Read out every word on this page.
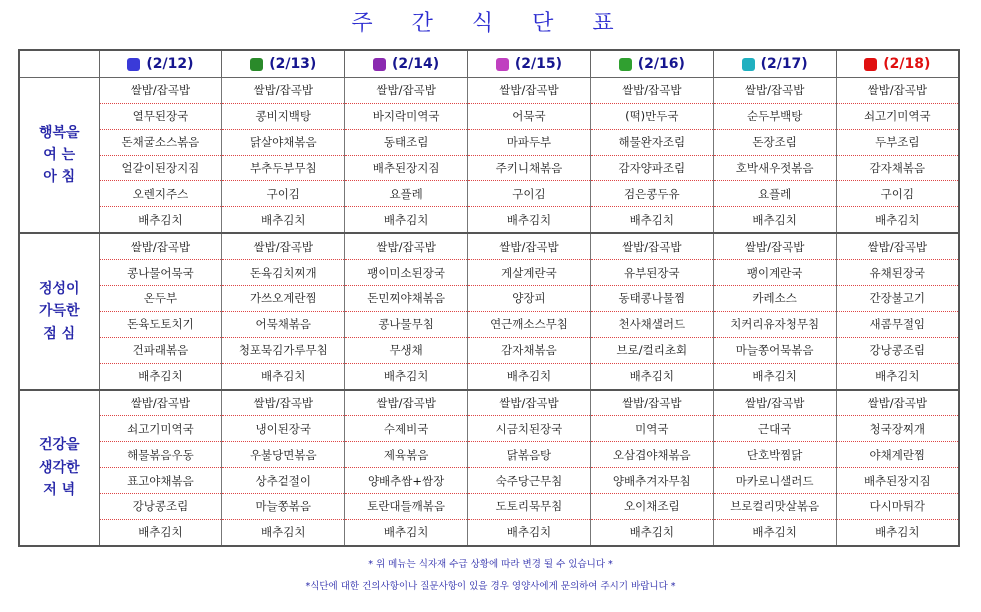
주 간 식 단 표

	(2/12)	(2/13)	(2/14)	(2/15)	(2/16)	(2/17)	(2/18)

행복을
여 는
아 침	쌀밥/잡곡밥	쌀밥/잡곡밥	쌀밥/잡곡밥	쌀밥/잡곡밥	쌀밥/잡곡밥	쌀밥/잡곡밥	쌀밥/잡곡밥
	열무된장국	콩비지백탕	바지락미역국	어묵국	(떡)만두국	순두부백탕	쇠고기미역국
	돈채굴소스볶음	닭살야채볶음	동태조림	마파두부	해물완자조림	돈장조림	두부조림
	얼갈이된장지짐	부추두부무침	배추된장지짐	주키니채볶음	감자양파조림	호박새우젓볶음	감자채볶음
	오렌지주스	구이김	요플레	구이김	검은콩두유	요플레	구이김
	배추김치	배추김치	배추김치	배추김치	배추김치	배추김치	배추김치

정성이
가득한
점 심	쌀밥/잡곡밥	쌀밥/잡곡밥	쌀밥/잡곡밥	쌀밥/잡곡밥	쌀밥/잡곡밥	쌀밥/잡곡밥	쌀밥/잡곡밥
	콩나물어묵국	돈육김치찌개	팽이미소된장국	게살계란국	유부된장국	팽이계란국	유채된장국
	온두부	가쓰오계란찜	돈민찌야채볶음	양장피	동태콩나물찜	카레소스	간장불고기
	돈육도토치기	어묵채볶음	콩나물무침	연근깨소스무침	천사채샐러드	치커리유자청무침	새콤무절임
	건파래볶음	청포묵김가루무침	무생채	감자채볶음	브로/컬리초회	마늘쫑어묵볶음	강낭콩조림
	배추김치	배추김치	배추김치	배추김치	배추김치	배추김치	배추김치

건강을
생각한
저 녁	쌀밥/잡곡밥	쌀밥/잡곡밥	쌀밥/잡곡밥	쌀밥/잡곡밥	쌀밥/잡곡밥	쌀밥/잡곡밥	쌀밥/잡곡밥
	쇠고기미역국	냉이된장국	수제비국	시금치된장국	미역국	근대국	청국장찌개
	해물볶음우동	우불당면볶음	제육볶음	닭볶음탕	오삼겹야채볶음	단호박찜닭	야채계란찜
	표고야채볶음	상추겉절이	양배추쌈+쌈장	숙주당근무침	양배추겨자무침	마카로니샐러드	배추된장지짐
	강낭콩조림	마늘쫑볶음	토란대들깨볶음	도토리묵무침	오이채조림	브로컬리맛살볶음	다시마튀각
	배추김치	배추김치	배추김치	배추김치	배추김치	배추김치	배추김치
* 위 메뉴는 식자재 수급 상황에 따라 변경 될 수 있습니다 *
*식단에 대한 건의사항이나 질문사항이 있을 경우 영양사에게 문의하여 주시기 바랍니다 *
